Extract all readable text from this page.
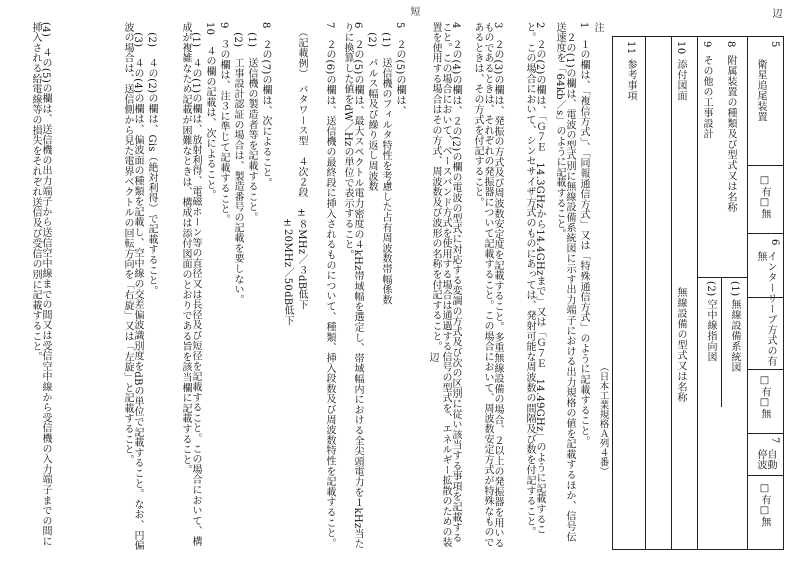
辺
短
辺
（日本工業規格Ａ列４番）
5
衛星追尾装置
□有□無
6
インターリーブ方式の有無
□有□無
7
自動停波
□有□無
8
附属装置の種類及び型式又は名称
9
その他の工事設計
10
添付図面
(1)
無線設備系統図
(2)
空中線指向図
無線設備の型式又は名称
11
参考事項
注
1　１の欄は、「複信方式」、「同報通信方式」又は「特殊通信方式」のように記載すること。
　２の(1)の欄は、電波の型式別に無線設備系統図に示す出力端子における出力規格の値を記載するほか、信号伝送速度を「64kb／s」のように記載すること。
2　２の(2)の欄は、「Ｇ７Ｅ　14.3GHzから14.4GHzまで」又は「Ｇ７Ｅ　14.49GHz」のように記載すること。この場合において、シンセサイザ方式のものにあっては、発射可能な周波数の間隔及び数を付記すること。
3　２の(3)の欄は、発振の方式及び周波数安定度を記載すること。多重無線設備の場合、２以上の発振器を用いるものであるときは、それぞれの発振器について記載すること。この場合において、周波数安定方式が特殊なものであるときは、その方式を付記すること。
4　２の(4)の欄は、２の(2)の欄の電波の型式に対応する変調の方式及び次の区別に従い該当する事項を記載すること。この場合において、ベースバンド方式を使用する場合は通過する信号の型式を、エネルギー拡散のための装置を使用する場合はその方式、周波数及び波形の名称を付記すること。
5　２の(5)の欄は、
　(1)　送信機のフィルタ特性を考慮した占有周波数帯幅係数
　(2)　パルス幅及び繰り返し周波数
6　２の(5)の欄は、最大スペクトル電力密度の４kHz帯域幅を選定し、帯域幅内における全尖頭電力を１kHz当たりに換算した値をdW／Hzの単位で表示すること。
7　２の(6)の欄は、送信機の最終段に挿入されるものについて、種類、挿入段数及び周波数特性を記載すること。
　（記載例）　バタワース型　４次２段　±８MHz／３dB低下
　　　　　　　　　　　　　　　　　　　±20MHz／50dB低下
8　２の(7)の欄は、次によること。
　(1)　送信機の製造者等を記載すること。
　(2)　工事設計認証の場合は、製造番号の記載を要しない。
9　３の欄は、注３に準じて記載すること。
10　４の欄の記載は、次によること。
　(1)　４の(1)の欄は、放射利得、電磁ホーン等の直径又は長径及び短径を記載すること。この場合において、構成が複雑なため記載が困難なときは、構成は添付図面のとおりである旨を該当欄に記載すること。
　(2)　４の(2)の欄は、Gis（絶対利得）で記載すること。
　(3)　４の(4)の欄は、偏波面の種類を記載し、空中線の交差偏波識別度をdBの単位で記載すること。なお、円偏波の場合は、送信側から見た電界ベクトルの回転方向を「右旋」又は「左旋」と記載すること。
(4)　４の(5)の欄は、送信機の出力端子から送信空中線までの間又は受信空中線から受信機の入力端子までの間に挿入される給電線等の損失をそれぞれ送信及び受信の別に記載すること。
